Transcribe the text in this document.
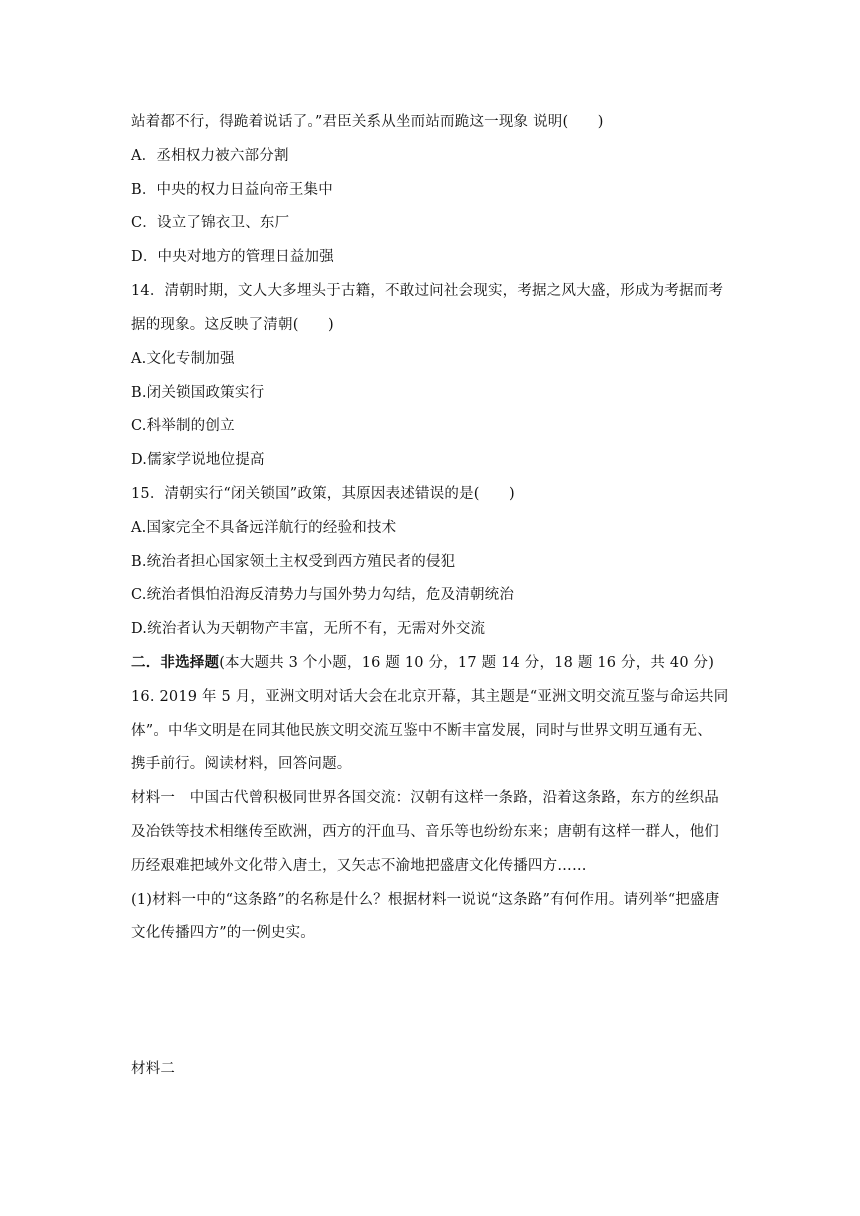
站着都不行，得跪着说话了。”君臣关系从坐而站而跪这一现象 说明(　　)
A．丞相权力被六部分割
B．中央的权力日益向帝王集中
C．设立了锦衣卫、东厂
D．中央对地方的管理日益加强
14．清朝时期，文人大多埋头于古籍，不敢过问社会现实，考据之风大盛，形成为考据而考
据的现象。这反映了清朝(　　)
A.文化专制加强
B.闭关锁国政策实行
C.科举制的创立
D.儒家学说地位提高
15．清朝实行“闭关锁国”政策，其原因表述错误的是(　　)
A.国家完全不具备远洋航行的经验和技术
B.统治者担心国家领土主权受到西方殖民者的侵犯
C.统治者惧怕沿海反清势力与国外势力勾结，危及清朝统治
D.统治者认为天朝物产丰富，无所不有，无需对外交流
二．非选择题(本大题共 3 个小题，16 题 10 分，17 题 14 分，18 题 16 分，共 40 分)
16. 2019 年 5 月，亚洲文明对话大会在北京开幕，其主题是“亚洲文明交流互鉴与命运共同
体”。中华文明是在同其他民族文明交流互鉴中不断丰富发展，同时与世界文明互通有无、
携手前行。阅读材料，回答问题。
材料一　中国古代曾积极同世界各国交流：汉朝有这样一条路，沿着这条路，东方的丝织品
及冶铁等技术相继传至欧洲，西方的汗血马、音乐等也纷纷东来；唐朝有这样一群人，他们
历经艰难把域外文化带入唐土，又矢志不渝地把盛唐文化传播四方……
(1)材料一中的“这条路”的名称是什么？根据材料一说说“这条路”有何作用。请列举“把盛唐
文化传播四方”的一例史实。
材料二
